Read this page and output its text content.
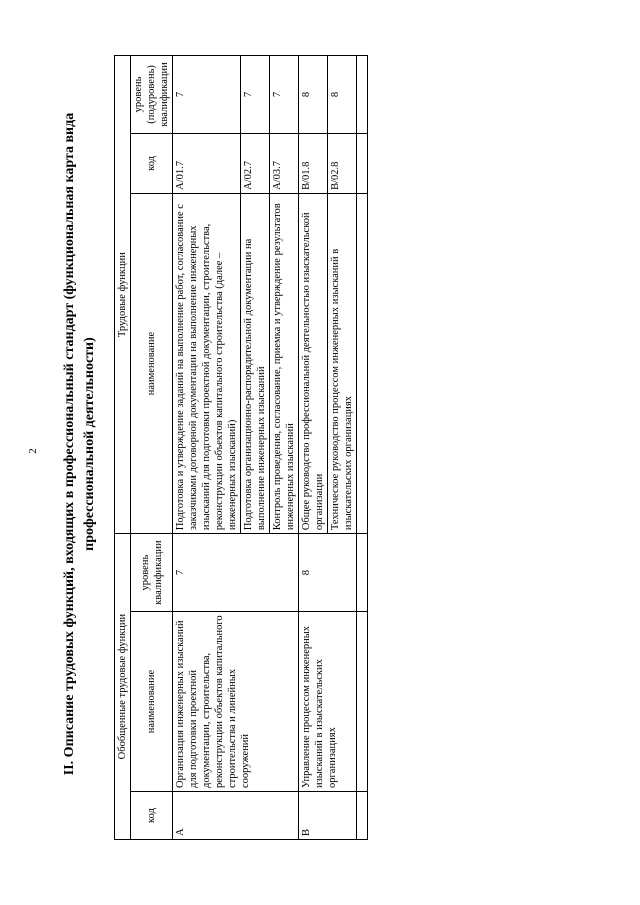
2 II. Описание трудовых функций, входящих в профессиональный стандарт (функциональная карта вида профессиональной деятельности)
Обобщенные трудовые функции			Трудовые функции		
код	наименование	уровень квалификации	наименование	код	уровень (подуровень) квалификации
A	Организация инженерных изысканий для подготовки проектной документации, строительства, реконструкции объектов капитального строительства и линейных сооружений	7	Подготовка и утверждение заданий на выполнение работ, согласование с заказчиками договорной документации на выполнение инженерных изысканий для подготовки проектной документации, строительства, реконструкции объектов капитального строительства (далее – инженерных изысканий)	A/01.7	7
			Подготовка организационно-распорядительной документации на выполнение инженерных изысканий	A/02.7	7
			Контроль проведения, согласование, приемка и утверждение результатов инженерных изысканий	A/03.7	7
B	Управление процессом инженерных изысканий в изыскательских организациях	8	Общее руководство профессиональной деятельностью изыскательской организации	B/01.8	8
			Техническое руководство процессом инженерных изысканий в изыскательских организациях	B/02.8	8
